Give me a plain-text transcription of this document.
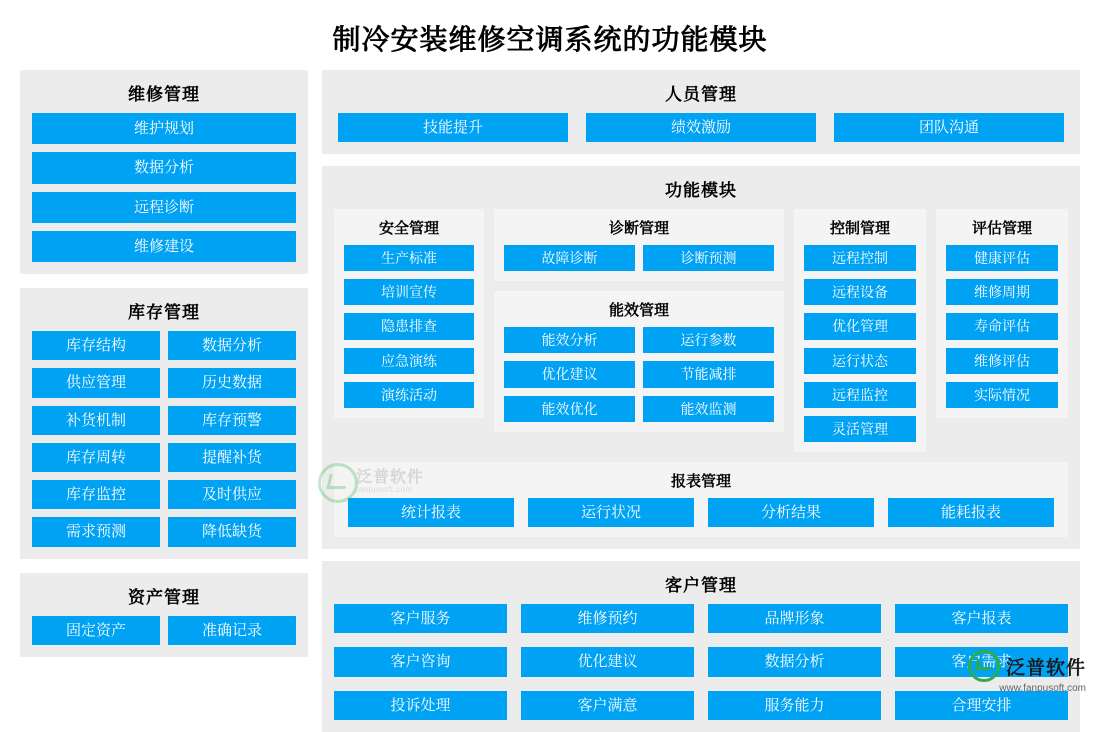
制冷安装维修空调系统的功能模块
维修管理
维护规划
数据分析
远程诊断
维修建设
库存管理
库存结构	数据分析
供应管理	历史数据
补货机制	库存预警
库存周转	提醒补货
库存监控	及时供应
需求预测	降低缺货
资产管理
固定资产	准确记录
人员管理
技能提升	绩效激励	团队沟通
功能模块
安全管理
生产标准
培训宣传
隐患排查
应急演练
演练活动
诊断管理
故障诊断	诊断预测
能效管理
能效分析	运行参数
优化建议	节能减排
能效优化	能效监测
控制管理
远程控制
远程设备
优化管理
运行状态
远程监控
灵活管理
评估管理
健康评估
维修周期
寿命评估
维修评估
实际情况
报表管理
统计报表	运行状况	分析结果	能耗报表
客户管理
客户服务	维修预约	品牌形象	客户报表
客户咨询	优化建议	数据分析	客户需求
投诉处理	客户满意	服务能力	合理安排
泛普软件
fanpusoft.com
泛普软件
www.fanpusoft.com
